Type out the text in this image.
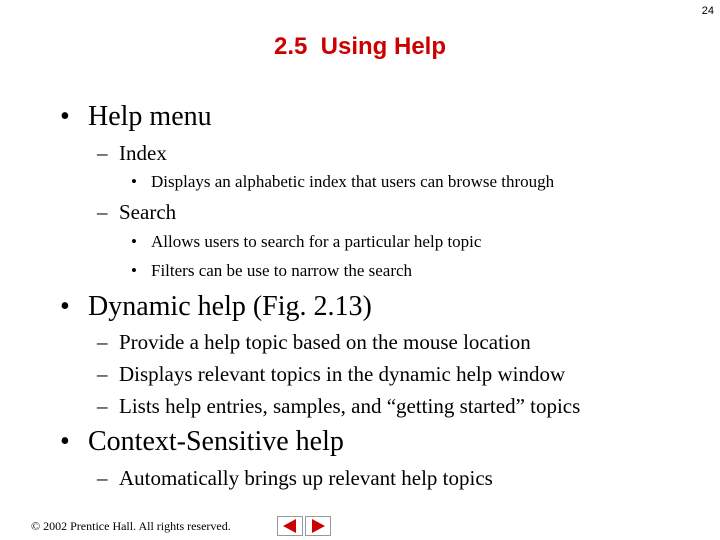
24
2.5  Using Help
• Help menu
– Index
• Displays an alphabetic index that users can browse through
– Search
• Allows users to search for a particular help topic
• Filters can be use to narrow the search
• Dynamic help (Fig. 2.13)
– Provide a help topic based on the mouse location
– Displays relevant topics in the dynamic help window
– Lists help entries, samples, and “getting started” topics
• Context-Sensitive help
– Automatically brings up relevant help topics
© 2002 Prentice Hall. All rights reserved.
